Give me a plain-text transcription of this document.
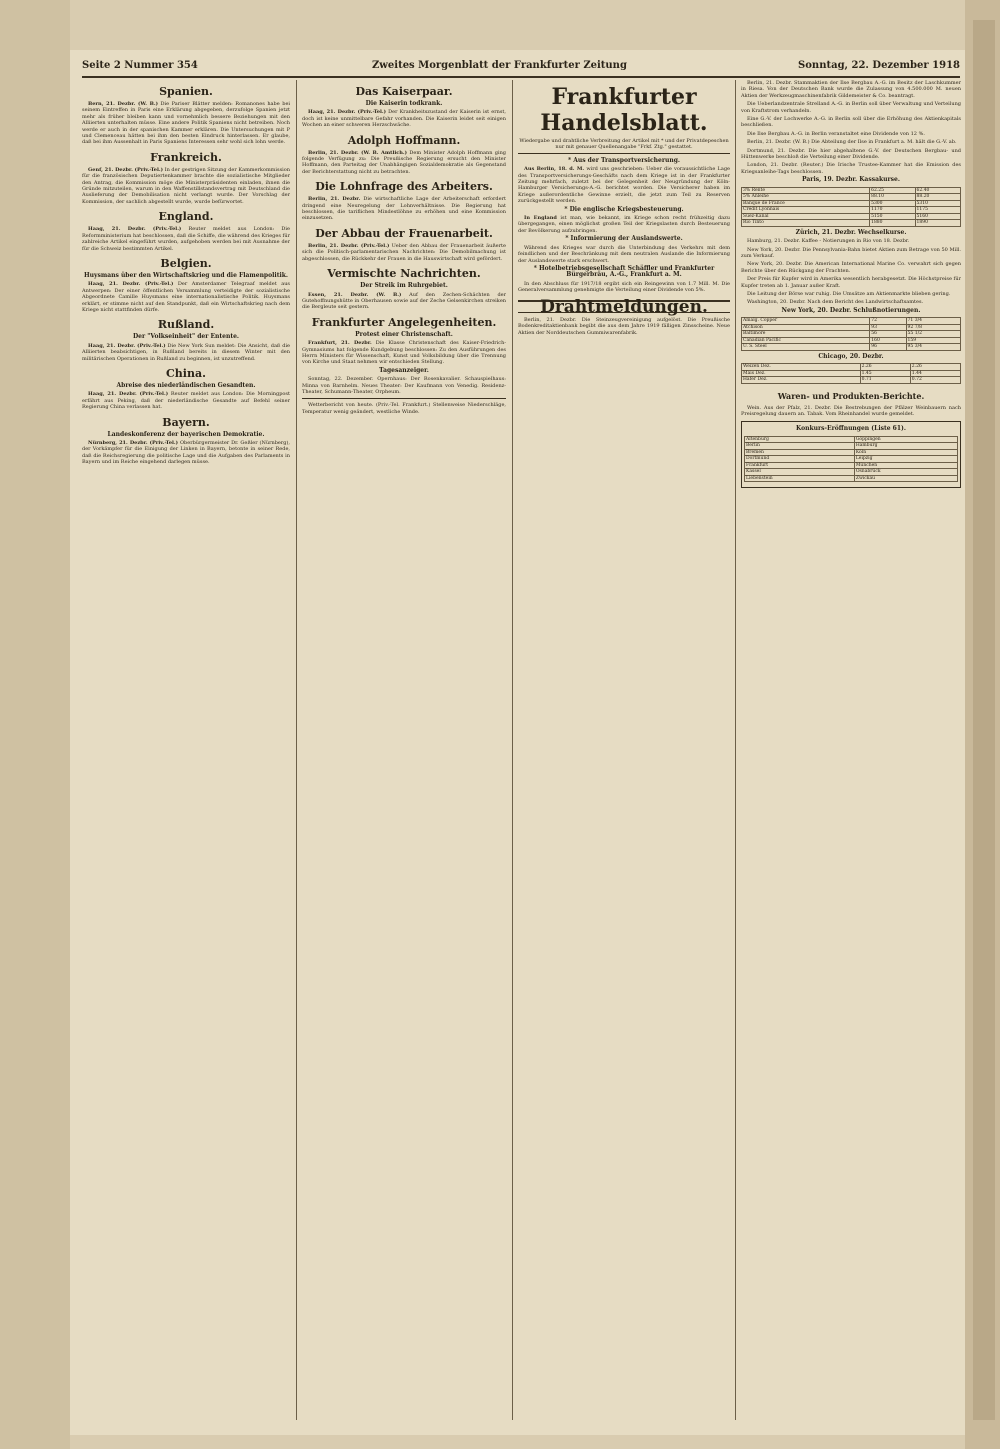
Seite 2 Nummer 354	Zweites Morgenblatt der Frankfurter Zeitung	Sonntag, 22. Dezember 1918
Spanien.

Bern, 21. Dezbr. (W. B.) Die Pariser Blätter melden: Romanones habe bei seinem Eintreffen in Paris eine Erklärung abgegeben, derzufolge Spanien jetzt mehr als früher bleiben kann und vornehmlich bessere Beziehungen mit den Alliierten unterhalten müsse. Eine andere Politik Spaniens nicht betreiben. Noch werde er auch in der spanischen Kammer erklären. Die Untersuchungen mit P und Clemenceau hätten bei ihm den besten Eindruck hinterlassen. Er glaube, daß bei ihm Aussenhalt in Paris Spaniens Interessen sehr wohl sich lohn werde.

Frankreich.

Genf, 21. Dezbr. (Priv.-Tel.) In der gestrigen Sitzung der Kammerkommission für die französischen Deputiertenkammer brachte die sozialistische Mitglieder den Antrag, die Kommission möge die Ministerpräsidenten einladen, ihnen die Gründe mitzuteilen, warum in den Waffenstillstandsvertrag mit Deutschland die Auslieferung der Demobilisation nicht verlangt wurde. Der Vorschlag der Kommission, der sachlich abgestellt wurde, wurde befürwortet.

England.

Haag, 21. Dezbr. (Priv.-Tel.) Reuter meldet aus London: Die Reformministerium hat beschlossen, daß die Schiffe, die während des Krieges für zahlreiche Artikel eingeführt wurden, aufgehoben werden bei mit Ausnahme der für die Schweiz bestimmten Artikel.

Belgien.
Huysmans über den Wirtschaftskrieg und die Flamenpolitik.

Haag, 21. Dezbr. (Priv.-Tel.) Der Amsterdamer Telegraaf meldet aus Antwerpen: Der einer öffentlichen Versammlung verteidigte der sozialistische Abgeordnete Camille Huysmans eine internationalistische Politik. Huysmans erklärt, er stimme nicht auf den Standpunkt, daß ein Wirtschaftskrieg nach dem Kriege nicht stattfinden dürfe.

Rußland.
Der "Volkseinheit" der Entente.

Haag, 21. Dezbr. (Priv.-Tel.) Die New York Sun meldet: Die Ansicht, daß die Alliierten beabsichtigen, in Rußland bereits in diesem Winter mit den militärischen Operationen in Rußland zu beginnen, ist unzutreffend.

China.
Abreise des niederländischen Gesandten.

Haag, 21. Dezbr. (Priv.-Tel.) Reuter meldet aus London: Die Morningpost erfährt aus Peking, daß der niederländische Gesandte auf Befehl seiner Regierung China verlassen hat.

Bayern.
Landeskonferenz der bayerischen Demokratie.

Nürnberg, 21. Dezbr. (Priv.-Tel.) Oberbürgermeister Dr. Geßler (Nürnberg), der Vorkämpfer für die Einigung der Linken in Bayern, betonte in seiner Rede, daß die Reichsregierung die politische Lage und die Aufgaben des Parlaments in Bayern und im Reiche eingehend darlegen müsse.

Das Kaiserpaar.
Die Kaiserin todkrank.

Haag, 21. Dezbr. (Priv.-Tel.) Der Krankheitszustand der Kaiserin ist ernst, doch ist keine unmittelbare Gefahr vorhanden. Die Kaiserin leidet seit einigen Wochen an einer schweren Herzschwäche.

Adolph Hoffmann.

Berlin, 21. Dezbr. (W. B. Amtlich.) Dem Minister Adolph Hoffmann ging folgende Verfügung zu: Die Preußische Regierung ersucht den Minister Hoffmann, den Parteitag der Unabhängigen Sozialdemokratie als Gegenstand der Berichterstattung nicht zu betrachten.

Die Lohnfrage des Arbeiters.

Berlin, 21. Dezbr. Die wirtschaftliche Lage der Arbeiterschaft erfordert dringend eine Neuregelung der Lohnverhältnisse. Die Regierung hat beschlossen, die tariflichen Mindestlöhne zu erhöhen und eine Kommission einzusetzen.

Der Abbau der Frauenarbeit.

Berlin, 21. Dezbr. (Priv.-Tel.) Ueber den Abbau der Frauenarbeit äußerte sich die Politisch-parlamentarischen Nachrichten: Die Demobilmachung ist abgeschlossen, die Rückkehr der Frauen in die Hauswirtschaft wird gefördert.

Vermischte Nachrichten.
Der Streik im Ruhrgebiet.

Essen, 21. Dezbr. (W. B.) Auf den Zechen-Schächten der Gutehoffnungshütte in Oberhausen sowie auf der Zeche Gelsenkirchen streiken die Bergleute seit gestern.

Frankfurter Angelegenheiten.
Protest einer Christenschaft.

Frankfurt, 21. Dezbr. Die Klasse Christenschaft des Kaiser-Friedrich-Gymnasiums hat folgende Kundgebung beschlossen: Zu den Ausführungen des Herrn Ministers für Wissenschaft, Kunst und Volksbildung über die Trennung von Kirche und Staat nehmen wir entschieden Stellung.

Tagesanzeiger.

Sonntag, 22. Dezember. Opernhaus: Der Rosenkavalier. Schauspielhaus: Minna von Barnhelm. Neues Theater: Der Kaufmann von Venedig. Residenz-Theater, Schumann-Theater, Orpheum.

Wetterbericht von heute. (Priv.-Tel. Frankfurt.) Stellenweise Niederschläge, Temperatur wenig geändert, westliche Winde.

Frankfurter Handelsblatt.
Wiedergabe und drahtliche Verbreitung der Artikel mit * und der Privatdepeschen nur mit genauer Quellenangabe "Frkf. Ztg." gestattet.
* Aus der Transportversicherung.

Aus Berlin, 18. d. M. wird uns geschrieben: Ueber die voraussichtliche Lage des Transportversicherungs-Geschäfts nach dem Kriege ist in der Frankfurter Zeitung mehrfach, zuletzt bei der Gelegenheit der Neugründung der Köln-Hamburger Versicherungs-A.-G. berichtet worden. Die Versicherer haben im Kriege außerordentliche Gewinne erzielt, die jetzt zum Teil zu Reserven zurückgestellt werden.

* Die englische Kriegsbesteuerung.

In England ist man, wie bekannt, im Kriege schon recht frühzeitig dazu übergegangen, einen möglichst großen Teil der Kriegslasten durch Besteuerung der Bevölkerung aufzubringen.

* Informierung der Auslandswerte.

Während des Krieges war durch die Unterbindung des Verkehrs mit dem feindlichen und der Beschränkung mit dem neutralen Auslande die Informierung der Auslandswerte stark erschwert.

* Hotelbetriebsgesellschaft Schäffler und Frankfurter Bürgerbräu, A.-G., Frankfurt a. M.

In den Abschluss für 1917/18 ergibt sich ein Reingewinn von 1.7 Mill. M. Die Generalversammlung genehmigte die Verteilung einer Dividende von 5%.

Drahtmeldungen.

Berlin, 21. Dezbr. Die Steinzeugvereinigung aufgelöst. Die Preußische Bodenkreditaktienbank begibt die aus dem Jahre 1919 fälligen Zinsscheine. Neue Aktien der Norddeutschen Gummiwarenfabrik.

Berlin, 21. Dezbr. Stammaktien der Ilse Bergbau A.-G. im Besitz der Laschkummer in Riesa. Von der Deutschen Bank wurde die Zulassung von 4.500.000 M. neuen Aktien der Werkzeugmaschinenfabrik Gildemeister & Co. beantragt.

Die Ueberlandzentrale Strelland A.-G. in Berlin soll über Verwaltung und Verteilung von Kraftstrom verhandeln.

Eine G.-V. der Lochwerke A.-G. in Berlin soll über die Erhöhung des Aktienkapitals beschließen.

Die Ilse Bergbau A.-G. in Berlin veranstaltet eine Dividende von 12 %.

Berlin, 21. Dezbr. (W. B.) Die Abteilung der Ilse in Frankfurt a. M. hält die G.-V. ab.

Dortmund, 21. Dezbr. Die hier abgehaltene G.-V. der Deutschen Bergbau- und Hüttenwerke beschloß die Verteilung einer Dividende.

London, 21. Dezbr. (Reuter.) Die Irische Trustee-Kammer hat die Emission des Kriegsanleihe-Tags beschlossen.

Paris, 19. Dezbr. Kassakurse.
3% Rente	62.25	62.40
5% Anleihe	88.10	88.20
Banque de France	5300	5310
Crédit Lyonnais	1170	1175
Suez-Kanal	5150	5160
Rio Tinto	1880	1890
Zürich, 21. Dezbr. Wechselkurse.

Hamburg, 21. Dezbr. Kaffee - Notierungen in Rio von 18. Dezbr.

New York, 20. Dezbr. Die Pennsylvania-Bahn bietet Aktien zum Betrage von 50 Mill. zum Verkauf.

New York, 20. Dezbr. Die American International Marine Co. verwahrt sich gegen Berichte über den Rückgang der Frachten.

Der Preis für Kupfer wird in Amerika wesentlich herabgesetzt. Die Höchstpreise für Kupfer treten ab 1. Januar außer Kraft.

Die Leitung der Börse war ruhig. Die Umsätze am Aktienmarkte blieben gering.

Washington, 20. Dezbr. Nach dem Bericht des Landwirtschaftsamtes.

New York, 20. Dezbr. Schlußnotierungen.
Amalg. Copper	72	71 3/4
Atchison	93	92 7/8
Baltimore	56	55 1/2
Canadian Pacific	160	159
U. S. Steel	96	95 3/4
Chicago, 20. Dezbr.
Weizen Dez.	2.26	2.26
Mais Dez.	1.45	1.44
Hafer Dez.	0.71	0.72
Waren- und Produkten-Berichte.

Wein. Aus der Pfalz, 21. Dezbr. Die Bestrebungen der Pfälzer Weinbauern nach Preisregelung dauern an. Tabak. Vom Rheinhandel wurde gemeldet.

Konkurs-Eröffnungen (Liste 61).
Altenburg	Göppingen
Berlin	Hamburg
Bremen	Köln
Dortmund	Leipzig
Frankfurt	München
Kassel	Osnabrück
Liebenstein	Zwickau
